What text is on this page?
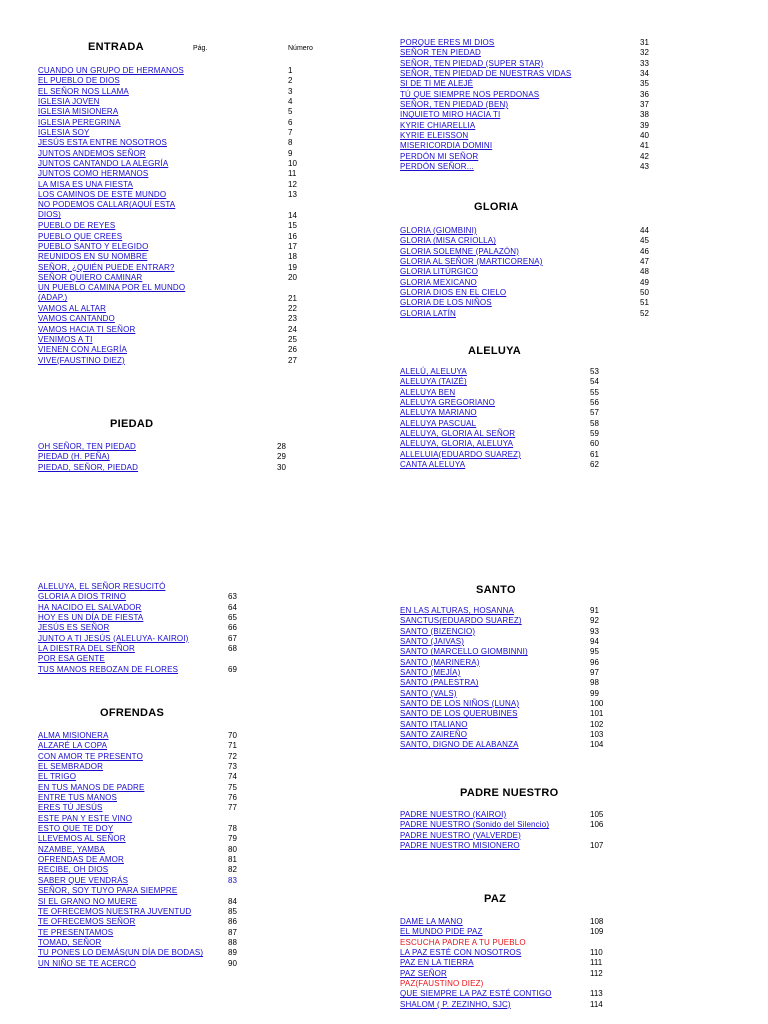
ENTRADA	Pág.	Número
CUANDO UN GRUPO DE HERMANOS	1
EL PUEBLO DE DIOS	2
EL SEÑOR NOS LLAMA	3
IGLESIA JOVEN	4
IGLESIA MISIONERA	5
IGLESIA PEREGRINA	6
IGLESIA SOY	7
JESÚS ESTA ENTRE NOSOTROS	8
JUNTOS ANDEMOS SEÑOR	9
JUNTOS CANTANDO LA ALEGRÍA	10
JUNTOS COMO HERMANOS	11
LA MISA ES UNA FIESTA	12
LOS CAMINOS DE ESTE MUNDO	13
NO PODEMOS CALLAR(AQUÍ ESTA DIOS)	14
PUEBLO DE REYES	15
PUEBLO QUE CREES	16
PUEBLO SANTO Y ELEGIDO	17
REUNIDOS EN SU NOMBRE	18
SEÑOR, ¿QUIÉN PUEDE ENTRAR?	19
SEÑOR QUIERO CAMINAR	20
UN PUEBLO CAMINA POR EL MUNDO (ADAP.)	21
VAMOS AL ALTAR	22
VAMOS CANTANDO	23
VAMOS HACIA TI SEÑOR	24
VENIMOS A TI	25
VIENEN CON ALEGRÍA	26
VIVE(FAUSTINO DIEZ)	27
PIEDAD
OH SEÑOR, TEN PIEDAD	28
PIEDAD (H. PEÑA)	29
PIEDAD, SEÑOR, PIEDAD	30
ALELUYA, EL SEÑOR RESUCITÓ
GLORIA A DIOS TRINO	63
HA NACIDO EL SALVADOR	64
HOY ES UN DÍA DE FIESTA	65
JESÚS ES SEÑOR	66
JUNTO A TI JESÚS (ALELUYA- KAIROI)	67
LA DIESTRA DEL SEÑOR	68
POR ESA GENTE
TUS MANOS REBOZAN DE FLORES	69
OFRENDAS
ALMA MISIONERA	70
ALZARÉ LA COPA	71
CON AMOR TE PRESENTO	72
EL SEMBRADOR	73
EL TRIGO	74
EN TUS MANOS DE PADRE	75
ENTRE TUS MANOS	76
ERES TÚ JESÚS	77
ESTE PAN Y ESTE VINO
ESTO QUE TE DOY	78
LLEVEMOS AL SEÑOR	79
NZAMBE, YAMBA	80
OFRENDAS DE AMOR	81
RECIBE, OH DIOS	82
SABER QUE VENDRÁS	83
SEÑOR, SOY TUYO PARA SIEMPRE
SI EL GRANO NO MUERE	84
TE OFRECEMOS NUESTRA JUVENTUD	85
TE OFRECEMOS SEÑOR	86
TE PRESENTAMOS	87
TOMAD, SEÑOR	88
TU PONES LO DEMÁS(UN DÍA DE BODAS)	89
UN NIÑO SE TE ACERCÓ	90
PORQUE ERES MI DIOS	31
SEÑOR TEN PIEDAD	32
SEÑOR, TEN PIEDAD (SUPER STAR)	33
SEÑOR, TEN PIEDAD DE NUESTRAS VIDAS	34
SI DE TI ME ALEJÉ	35
TÚ QUE SIEMPRE NOS PERDONAS	36
SEÑOR, TEN PIEDAD (BEN)	37
INQUIETO MIRO HACIA TI	38
KYRIE CHIARELLIA	39
KYRIE ELEISSON	40
MISERICORDIA DOMINI	41
PERDÓN MI SEÑOR	42
PERDÓN SEÑOR...	43
GLORIA
GLORIA (GIOMBINI)	44
GLORIA (MISA CRIOLLA)	45
GLORIA SOLEMNE (PALAZÓN)	46
GLORIA AL SEÑOR (MARTICORENA)	47
GLORIA LITÚRGICO	48
GLORIA MEXICANO	49
GLORIA DIOS EN EL CIELO	50
GLORIA DE LOS NIÑOS	51
GLORIA LATÍN	52
ALELUYA
ALELÚ, ALELUYA	53
ALELUYA (TAIZÉ)	54
ALELUYA BEN	55
ALELUYA GREGORIANO	56
ALELUYA MARIANO	57
ALELUYA PASCUAL	58
ALELUYA, GLORIA AL SEÑOR	59
ALELUYA, GLORIA, ALELUYA	60
ALLELUIA(EDUARDO SUAREZ)	61
CANTA ALELUYA	62
SANTO
EN LAS ALTURAS, HOSANNA	91
SANCTUS(EDUARDO SUAREZ)	92
SANTO (BIZENCIO)	93
SANTO (JAIVAS)	94
SANTO (MARCELLO GIOMBINNI)	95
SANTO (MARINERA)	96
SANTO (MEJÍA)	97
SANTO (PALESTRA)	98
SANTO (VALS)	99
SANTO DE LOS NIÑOS (LUNA)	100
SANTO DE LOS QUERUBINES	101
SANTO ITALIANO	102
SANTO ZAIREÑO	103
SANTO, DIGNO DE ALABANZA	104
PADRE NUESTRO
PADRE NUESTRO (KAIROI)	105
PADRE NUESTRO (Sonido del Silencio)	106
PADRE NUESTRO (VALVERDE)
PADRE NUESTRO MISIONERO	107
PAZ
DAME LA MANO	108
EL MUNDO PIDE PAZ	109
ESCUCHA PADRE A TU PUEBLO
LA PAZ ESTÉ CON NOSOTROS	110
PAZ EN LA TIERRA	111
PAZ SEÑOR	112
PAZ(FAUSTINO DIEZ)
QUE SIEMPRE LA PAZ ESTÉ CONTIGO	113
SHALOM ( P. ZEZINHO, SJC)	114
